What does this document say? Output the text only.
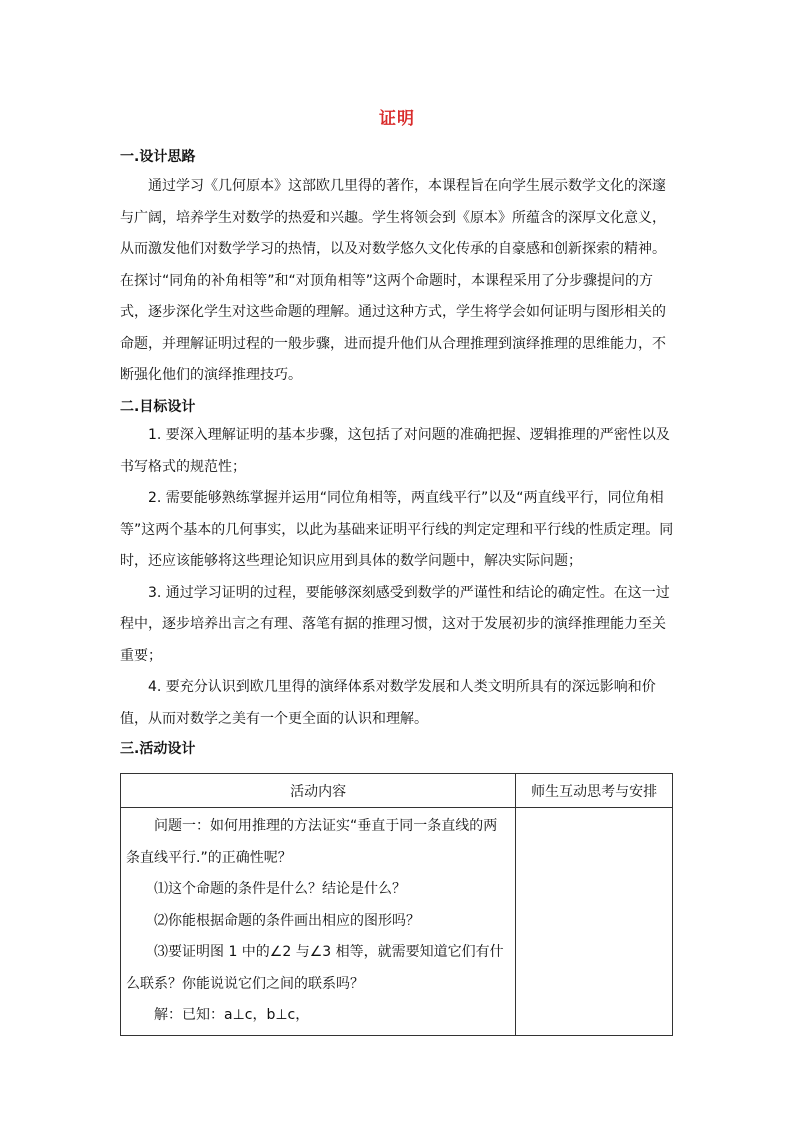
证明
一.设计思路

通过学习《几何原本》这部欧几里得的著作，本课程旨在向学生展示数学文化的深邃与广阔，培养学生对数学的热爱和兴趣。学生将领会到《原本》所蕴含的深厚文化意义，从而激发他们对数学学习的热情，以及对数学悠久文化传承的自豪感和创新探索的精神。在探讨“同角的补角相等”和“对顶角相等”这两个命题时，本课程采用了分步骤提问的方式，逐步深化学生对这些命题的理解。通过这种方式，学生将学会如何证明与图形相关的命题，并理解证明过程的一般步骤，进而提升他们从合理推理到演绎推理的思维能力，不断强化他们的演绎推理技巧。

二.目标设计

1. 要深入理解证明的基本步骤，这包括了对问题的准确把握、逻辑推理的严密性以及书写格式的规范性；

2. 需要能够熟练掌握并运用“同位角相等，两直线平行”以及“两直线平行，同位角相等”这两个基本的几何事实，以此为基础来证明平行线的判定定理和平行线的性质定理。同时，还应该能够将这些理论知识应用到具体的数学问题中，解决实际问题；

3. 通过学习证明的过程，要能够深刻感受到数学的严谨性和结论的确定性。在这一过程中，逐步培养出言之有理、落笔有据的推理习惯，这对于发展初步的演绎推理能力至关重要；

4. 要充分认识到欧几里得的演绎体系对数学发展和人类文明所具有的深远影响和价值，从而对数学之美有一个更全面的认识和理解。

三.活动设计
活动内容	师生互动思考与安排

问题一：如何用推理的方法证实“垂直于同一条直线的两条直线平行.”的正确性呢？

⑴这个命题的条件是什么？结论是什么？

⑵你能根据命题的条件画出相应的图形吗？

⑶要证明图 1 中的∠2 与∠3 相等，就需要知道它们有什么联系？你能说说它们之间的联系吗？

解：已知：a⊥c，b⊥c，	
